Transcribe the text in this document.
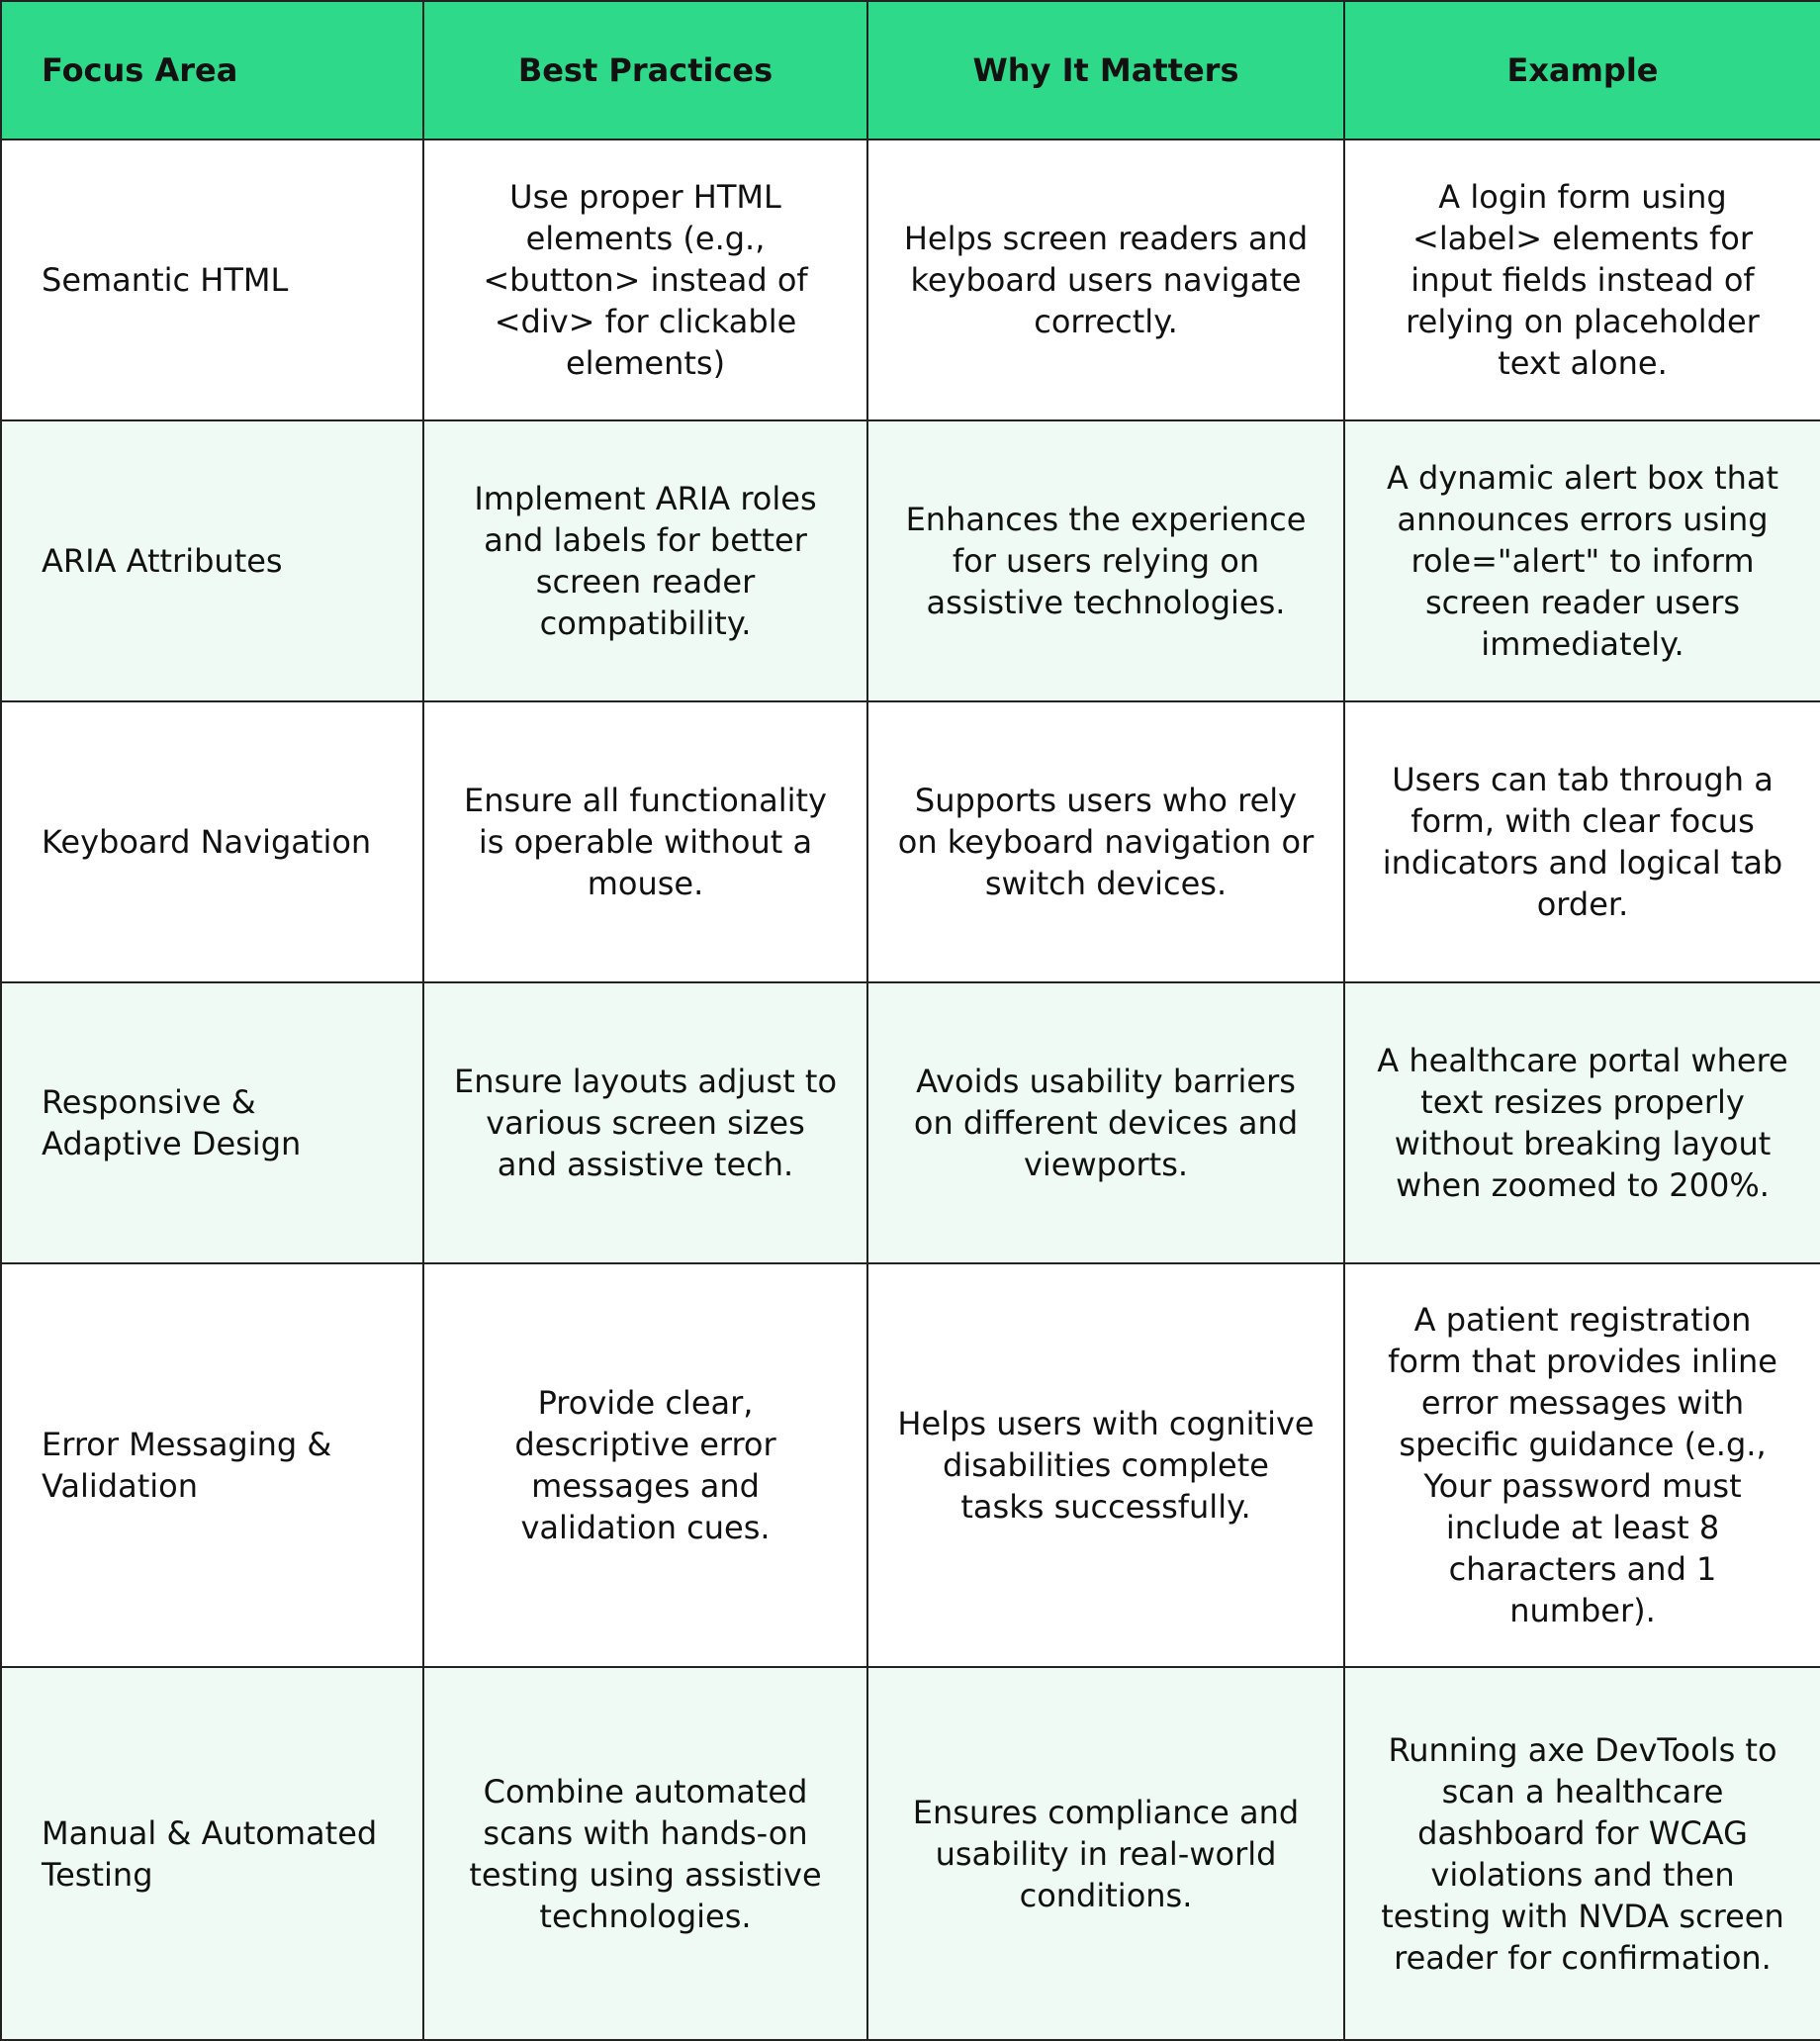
Focus Area	Best Practices	Why It Matters	Example
Semantic HTML	Use proper HTML elements (e.g., <button> instead of <div> for clickable elements)	Helps screen readers and keyboard users navigate correctly.	A login form using <label> elements for input fields instead of relying on placeholder text alone.
ARIA Attributes	Implement ARIA roles and labels for better screen reader compatibility.	Enhances the experience for users relying on assistive technologies.	A dynamic alert box that announces errors using role="alert" to inform screen reader users immediately.
Keyboard Navigation	Ensure all functionality is operable without a mouse.	Supports users who rely on keyboard navigation or switch devices.	Users can tab through a form, with clear focus indicators and logical tab order.
Responsive & Adaptive Design	Ensure layouts adjust to various screen sizes and assistive tech.	Avoids usability barriers on different devices and viewports.	A healthcare portal where text resizes properly without breaking layout when zoomed to 200%.
Error Messaging & Validation	Provide clear, descriptive error messages and validation cues.	Helps users with cognitive disabilities complete tasks successfully.	A patient registration form that provides inline error messages with specific guidance (e.g., Your password must include at least 8 characters and 1 number).
Manual & Automated Testing	Combine automated scans with hands-on testing using assistive technologies.	Ensures compliance and usability in real-world conditions.	Running axe DevTools to scan a healthcare dashboard for WCAG violations and then testing with NVDA screen reader for confirmation.
